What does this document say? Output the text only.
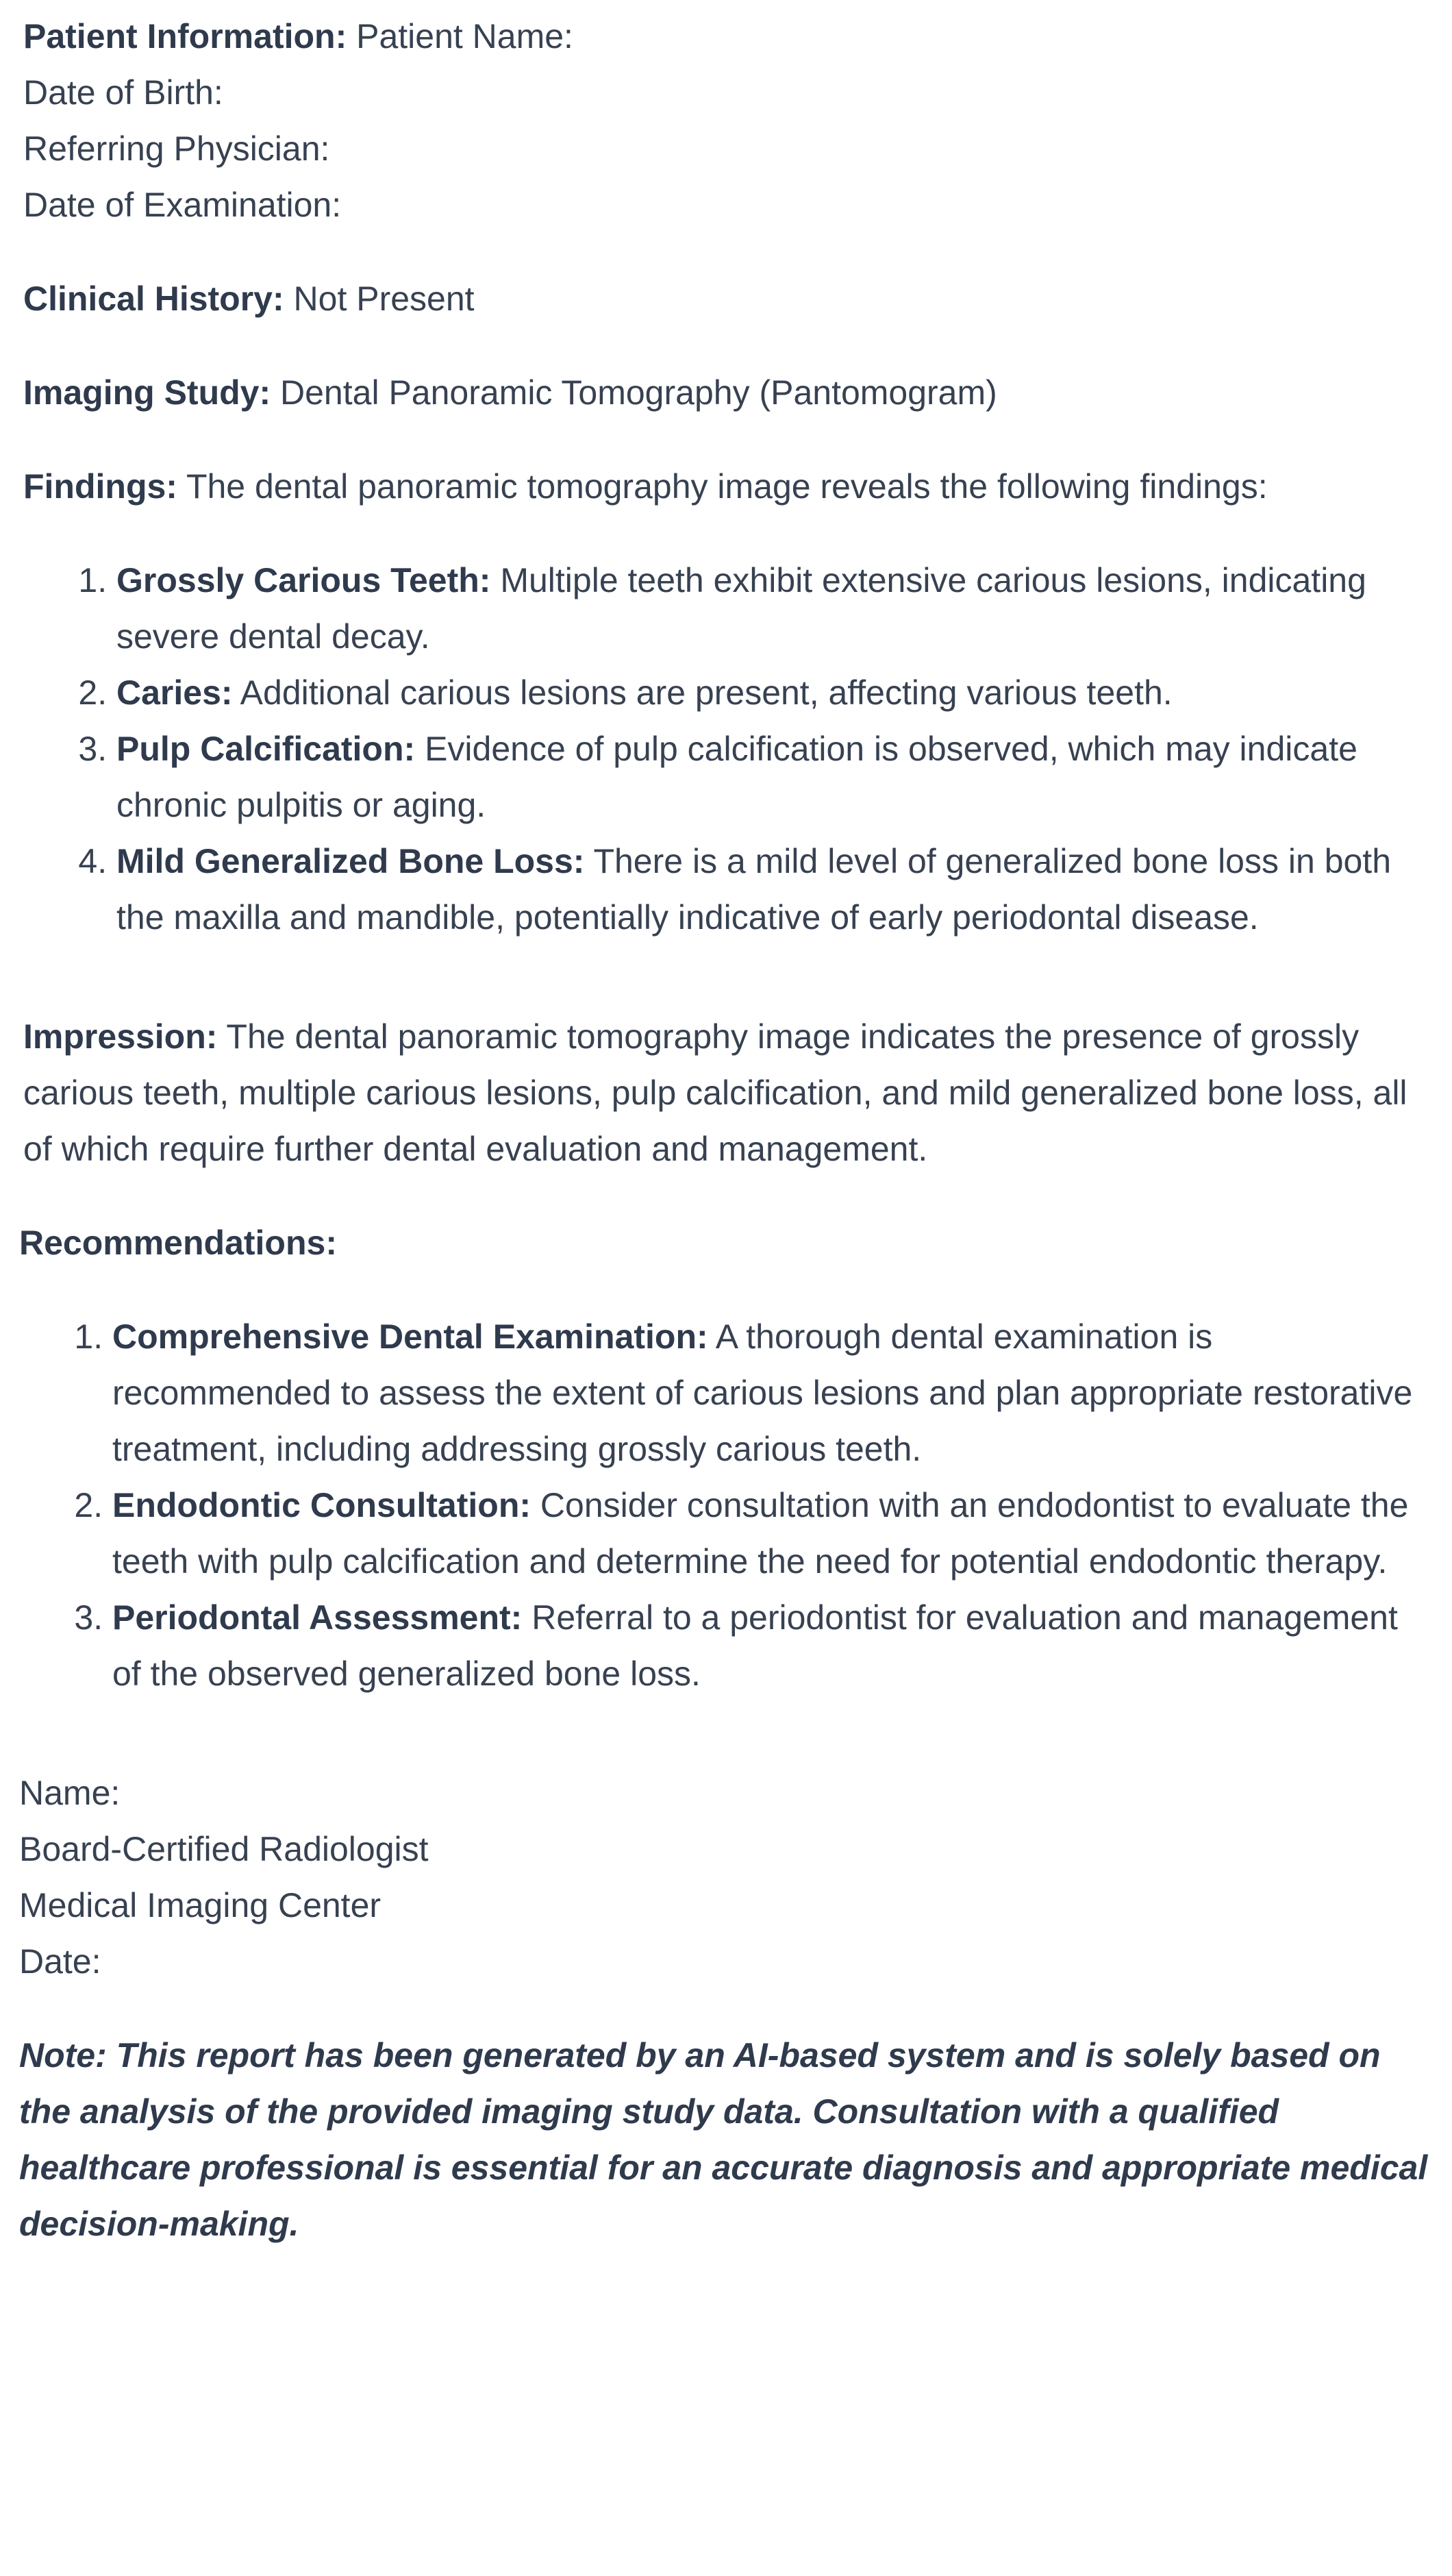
Patient Information: Patient Name:

Date of Birth:

Referring Physician:

Date of Examination:

Clinical History: Not Present

Imaging Study: Dental Panoramic Tomography (Pantomogram)

Findings: The dental panoramic tomography image reveals the following findings:

1. Grossly Carious Teeth: Multiple teeth exhibit extensive carious lesions, indicating severe dental decay.
2. Caries: Additional carious lesions are present, affecting various teeth.
3. Pulp Calcification: Evidence of pulp calcification is observed, which may indicate chronic pulpitis or aging.
4. Mild Generalized Bone Loss: There is a mild level of generalized bone loss in both the maxilla and mandible, potentially indicative of early periodontal disease.

Impression: The dental panoramic tomography image indicates the presence of grossly carious teeth, multiple carious lesions, pulp calcification, and mild generalized bone loss, all of which require further dental evaluation and management.

Recommendations:

1. Comprehensive Dental Examination: A thorough dental examination is recommended to assess the extent of carious lesions and plan appropriate restorative treatment, including addressing grossly carious teeth.
2. Endodontic Consultation: Consider consultation with an endodontist to evaluate the teeth with pulp calcification and determine the need for potential endodontic therapy.
3. Periodontal Assessment: Referral to a periodontist for evaluation and management of the observed generalized bone loss.

Name:

Board-Certified Radiologist

Medical Imaging Center

Date:

Note: This report has been generated by an AI-based system and is solely based on the analysis of the provided imaging study data. Consultation with a qualified healthcare professional is essential for an accurate diagnosis and appropriate medical decision-making.
